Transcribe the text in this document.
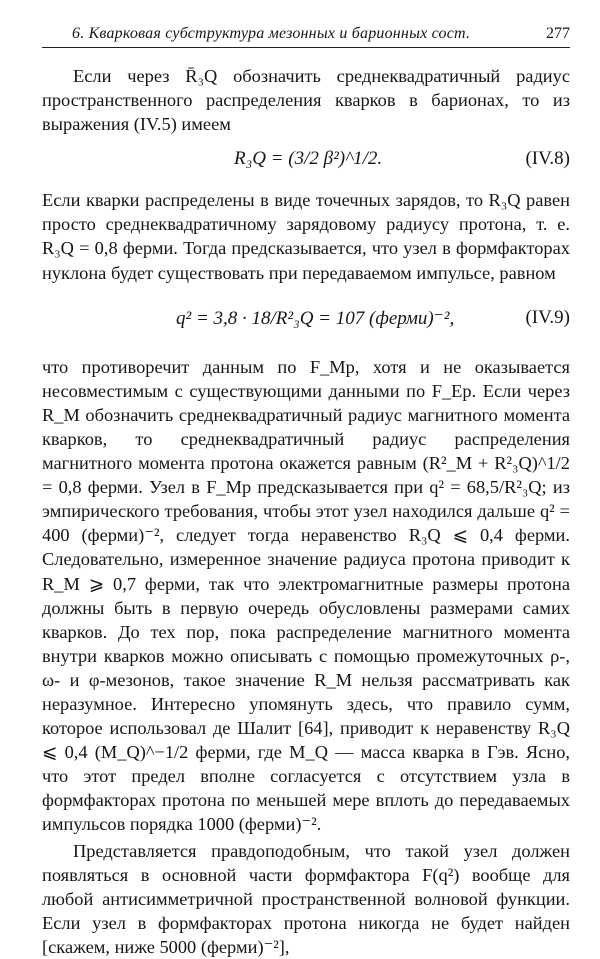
6. Кварковая субструктура мезонных и барионных сост.	277

Если через R̄₃Q обозначить среднеквадратичный радиус пространственного распределения кварков в барионах, то из выражения (IV.5) имеем

R₃Q = (3/2 β²)^1/2.	(IV.8)

Если кварки распределены в виде точечных зарядов, то R₃Q равен просто среднеквадратичному зарядовому радиусу протона, т. е. R₃Q = 0,8 ферми. Тогда предсказывается, что узел в формфакторах нуклона будет существовать при передаваемом импульсе, равном

q² = 3,8 · 18/R²₃Q = 107 (ферми)⁻²,	(IV.9)

что противоречит данным по F_Mp, хотя и не оказывается несовместимым с существующими данными по F_Ep. Если через R_M обозначить среднеквадратичный радиус магнитного момента кварков, то среднеквадратичный радиус распределения магнитного момента протона окажется равным (R²_M + R²₃Q)^1/2 = 0,8 ферми. Узел в F_Mp предсказывается при q² = 68,5/R²₃Q; из эмпирического требования, чтобы этот узел находился дальше q² = 400 (ферми)⁻², следует тогда неравенство R₃Q ⩽ 0,4 ферми. Следовательно, измеренное значение радиуса протона приводит к R_M ⩾ 0,7 ферми, так что электромагнитные размеры протона должны быть в первую очередь обусловлены размерами самих кварков. До тех пор, пока распределение магнитного момента внутри кварков можно описывать с помощью промежуточных ρ-, ω- и φ-мезонов, такое значение R_M нельзя рассматривать как неразумное. Интересно упомянуть здесь, что правило сумм, которое использовал де Шалит [64], приводит к неравенству R₃Q ⩽ 0,4 (M_Q)^−1/2 ферми, где M_Q — масса кварка в Гэв. Ясно, что этот предел вполне согласуется с отсутствием узла в формфакторах протона по меньшей мере вплоть до передаваемых импульсов порядка 1000 (ферми)⁻².

Представляется правдоподобным, что такой узел должен появляться в основной части формфактора F(q²) вообще для любой антисимметричной пространственной волновой функции. Если узел в формфакторах протона никогда не будет найден [скажем, ниже 5000 (ферми)⁻²],
